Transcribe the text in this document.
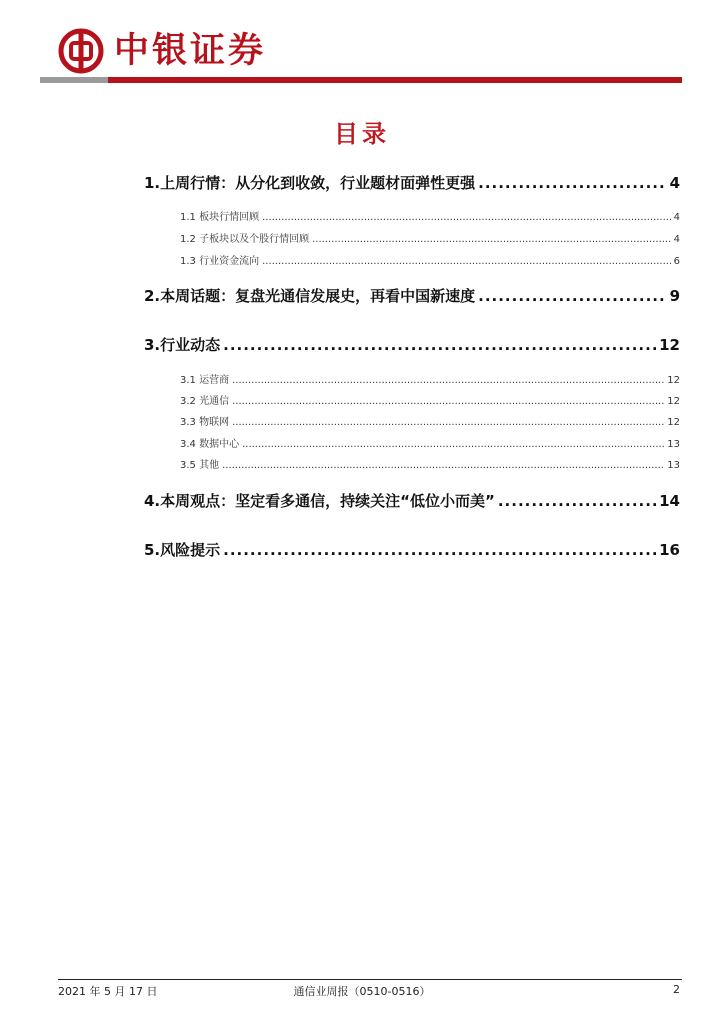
中银证券
目录
1.上周行情：从分化到收敛，行业题材面弹性更强 .....	4
1.1 板块行情回顾 .....	4
1.2 子板块以及个股行情回顾 .....	4
1.3 行业资金流向 .....	6
2.本周话题：复盘光通信发展史，再看中国新速度 .....	9
3.行业动态 .....	12
3.1 运营商 .....	12
3.2 光通信 .....	12
3.3 物联网 .....	12
3.4 数据中心 .....	13
3.5 其他 .....	13
4.本周观点：坚定看多通信，持续关注“低位小而美” .....	14
5.风险提示 .....	16
2021 年 5 月 17 日	通信业周报（0510-0516）	2
